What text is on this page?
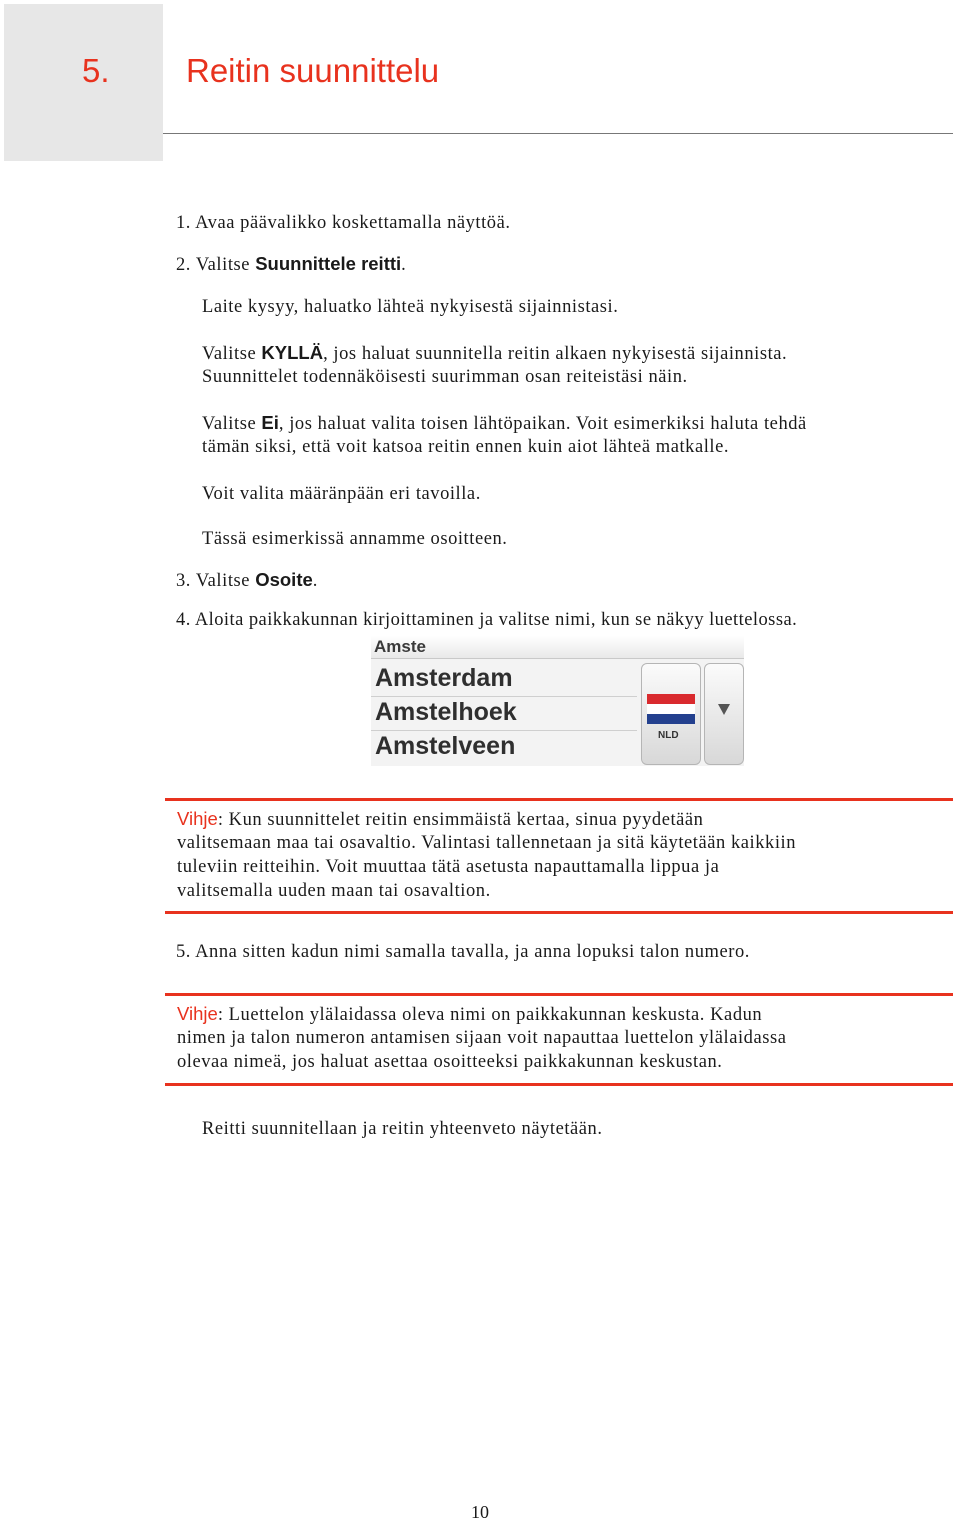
5. Reitin suunnittelu
1. Avaa päävalikko koskettamalla näyttöä.
2. Valitse Suunnittele reitti.
Laite kysyy, haluatko lähteä nykyisestä sijainnistasi.
Valitse KYLLÄ, jos haluat suunnitella reitin alkaen nykyisestä sijainnista.
Suunnittelet todennäköisesti suurimman osan reiteistäsi näin.
Valitse Ei, jos haluat valita toisen lähtöpaikan. Voit esimerkiksi haluta tehdä
tämän siksi, että voit katsoa reitin ennen kuin aiot lähteä matkalle.
Voit valita määränpään eri tavoilla.
Tässä esimerkissä annamme osoitteen.
3. Valitse Osoite.
4. Aloita paikkakunnan kirjoittaminen ja valitse nimi, kun se näkyy luettelossa.
Amste
Amsterdam
Amstelhoek
Amstelveen	NLD
Vihje: Kun suunnittelet reitin ensimmäistä kertaa, sinua pyydetään
valitsemaan maa tai osavaltio. Valintasi tallennetaan ja sitä käytetään kaikkiin
tuleviin reitteihin. Voit muuttaa tätä asetusta napauttamalla lippua ja
valitsemalla uuden maan tai osavaltion.
5. Anna sitten kadun nimi samalla tavalla, ja anna lopuksi talon numero.
Vihje: Luettelon ylälaidassa oleva nimi on paikkakunnan keskusta. Kadun
nimen ja talon numeron antamisen sijaan voit napauttaa luettelon ylälaidassa
olevaa nimeä, jos haluat asettaa osoitteeksi paikkakunnan keskustan.
Reitti suunnitellaan ja reitin yhteenveto näytetään.
10
